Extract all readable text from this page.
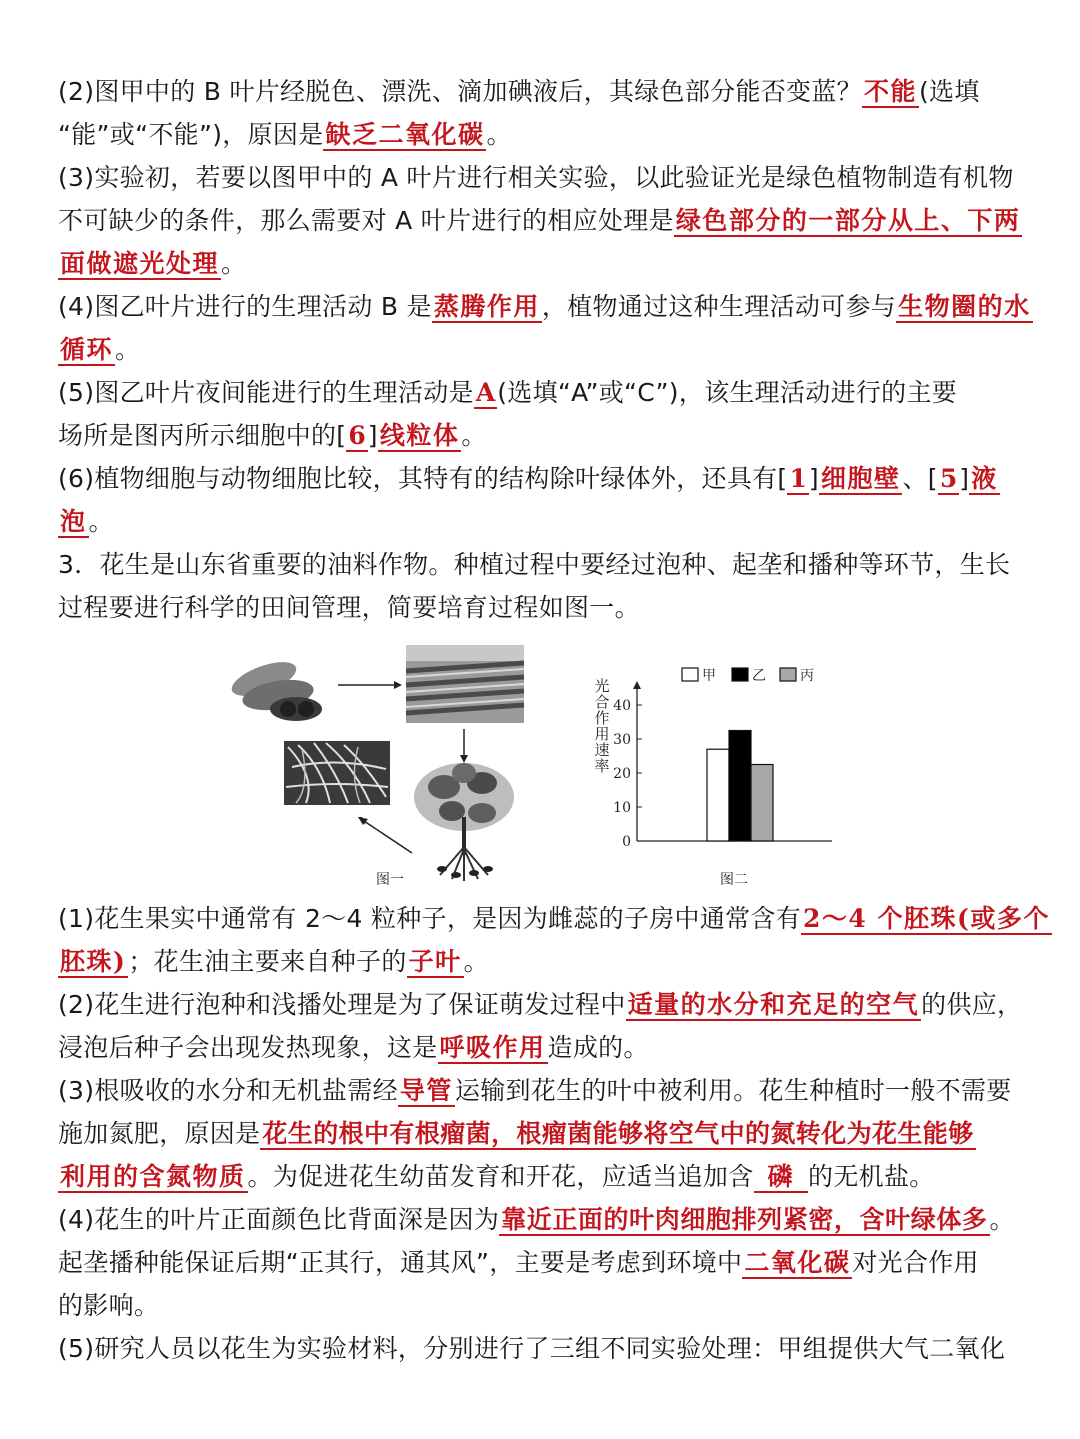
(2)图甲中的 B 叶片经脱色、漂洗、滴加碘液后，其绿色部分能否变蓝？不能(选填
“能”或“不能”)，原因是缺乏二氧化碳。
(3)实验初，若要以图甲中的 A 叶片进行相关实验，以此验证光是绿色植物制造有机物
不可缺少的条件，那么需要对 A 叶片进行的相应处理是绿色部分的一部分从上、下两
面做遮光处理。
(4)图乙叶片进行的生理活动 B 是蒸腾作用，植物通过这种生理活动可参与生物圈的水
循环。
(5)图乙叶片夜间能进行的生理活动是A(选填“A”或“C”)，该生理活动进行的主要
场所是图丙所示细胞中的[6]线粒体。
(6)植物细胞与动物细胞比较，其特有的结构除叶绿体外，还具有[1]细胞壁、[5]液
泡。
3．花生是山东省重要的油料作物。种植过程中要经过泡种、起垄和播种等环节，生长
过程要进行科学的田间管理，简要培育过程如图一。
图一
光
合
作
用
速
率
0
10
20
30
40
甲	乙 丙
图二
(1)花生果实中通常有 2～4 粒种子，是因为雌蕊的子房中通常含有2～4 个胚珠(或多个
胚珠)；花生油主要来自种子的子叶。
(2)花生进行泡种和浅播处理是为了保证萌发过程中适量的水分和充足的空气的供应，
浸泡后种子会出现发热现象，这是呼吸作用造成的。
(3)根吸收的水分和无机盐需经导管运输到花生的叶中被利用。花生种植时一般不需要
施加氮肥，原因是花生的根中有根瘤菌，根瘤菌能够将空气中的氮转化为花生能够
利用的含氮物质。为促进花生幼苗发育和开花，应适当追加含 磷 的无机盐。
(4)花生的叶片正面颜色比背面深是因为靠近正面的叶肉细胞排列紧密，含叶绿体多。
起垄播种能保证后期“正其行，通其风”，主要是考虑到环境中二氧化碳对光合作用
的影响。
(5)研究人员以花生为实验材料，分别进行了三组不同实验处理：甲组提供大气二氧化
